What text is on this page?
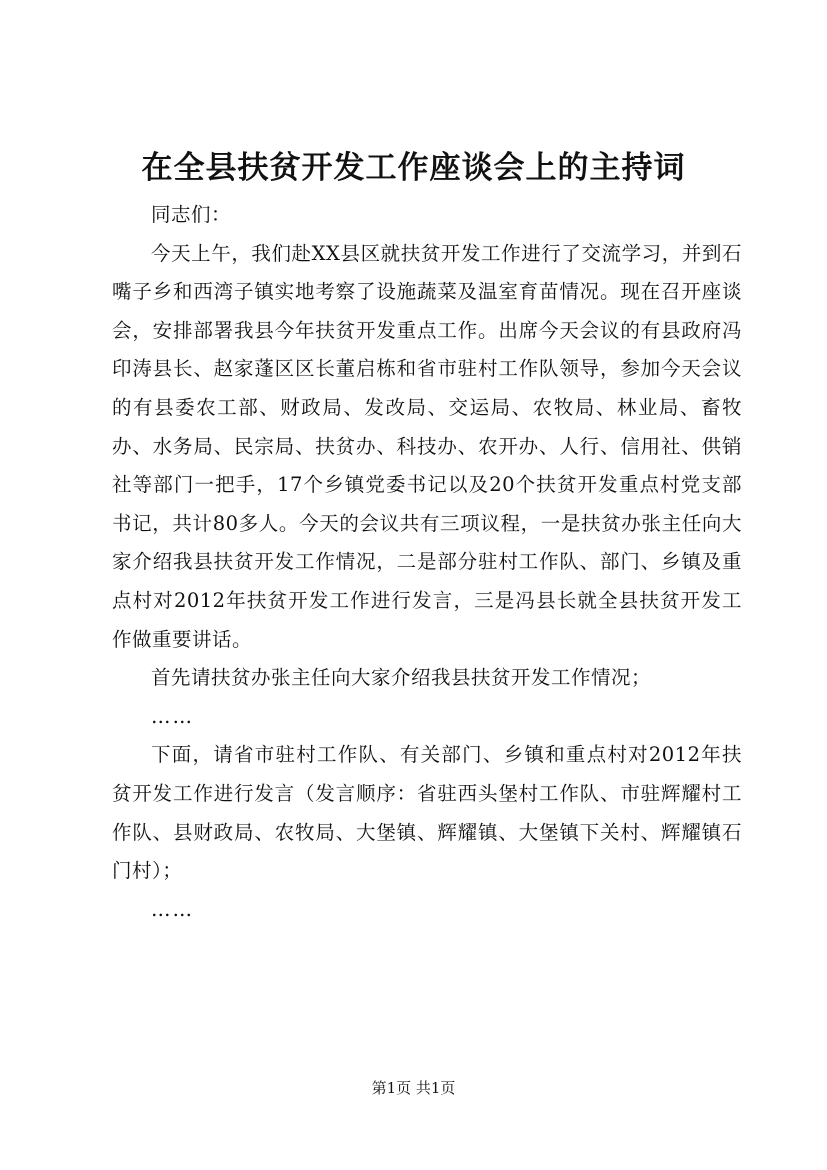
在全县扶贫开发工作座谈会上的主持词

同志们：

今天上午，我们赴XX县区就扶贫开发工作进行了交流学习，并到石嘴子乡和西湾子镇实地考察了设施蔬菜及温室育苗情况。现在召开座谈会，安排部署我县今年扶贫开发重点工作。出席今天会议的有县政府冯印涛县长、赵家蓬区区长董启栋和省市驻村工作队领导，参加今天会议的有县委农工部、财政局、发改局、交运局、农牧局、林业局、畜牧办、水务局、民宗局、扶贫办、科技办、农开办、人行、信用社、供销社等部门一把手，17个乡镇党委书记以及20个扶贫开发重点村党支部书记，共计80多人。今天的会议共有三项议程，一是扶贫办张主任向大家介绍我县扶贫开发工作情况，二是部分驻村工作队、部门、乡镇及重点村对2012年扶贫开发工作进行发言，三是冯县长就全县扶贫开发工作做重要讲话。

首先请扶贫办张主任向大家介绍我县扶贫开发工作情况；

……

下面，请省市驻村工作队、有关部门、乡镇和重点村对2012年扶贫开发工作进行发言（发言顺序：省驻西头堡村工作队、市驻辉耀村工作队、县财政局、农牧局、大堡镇、辉耀镇、大堡镇下关村、辉耀镇石门村）；

……

第1页 共1页
